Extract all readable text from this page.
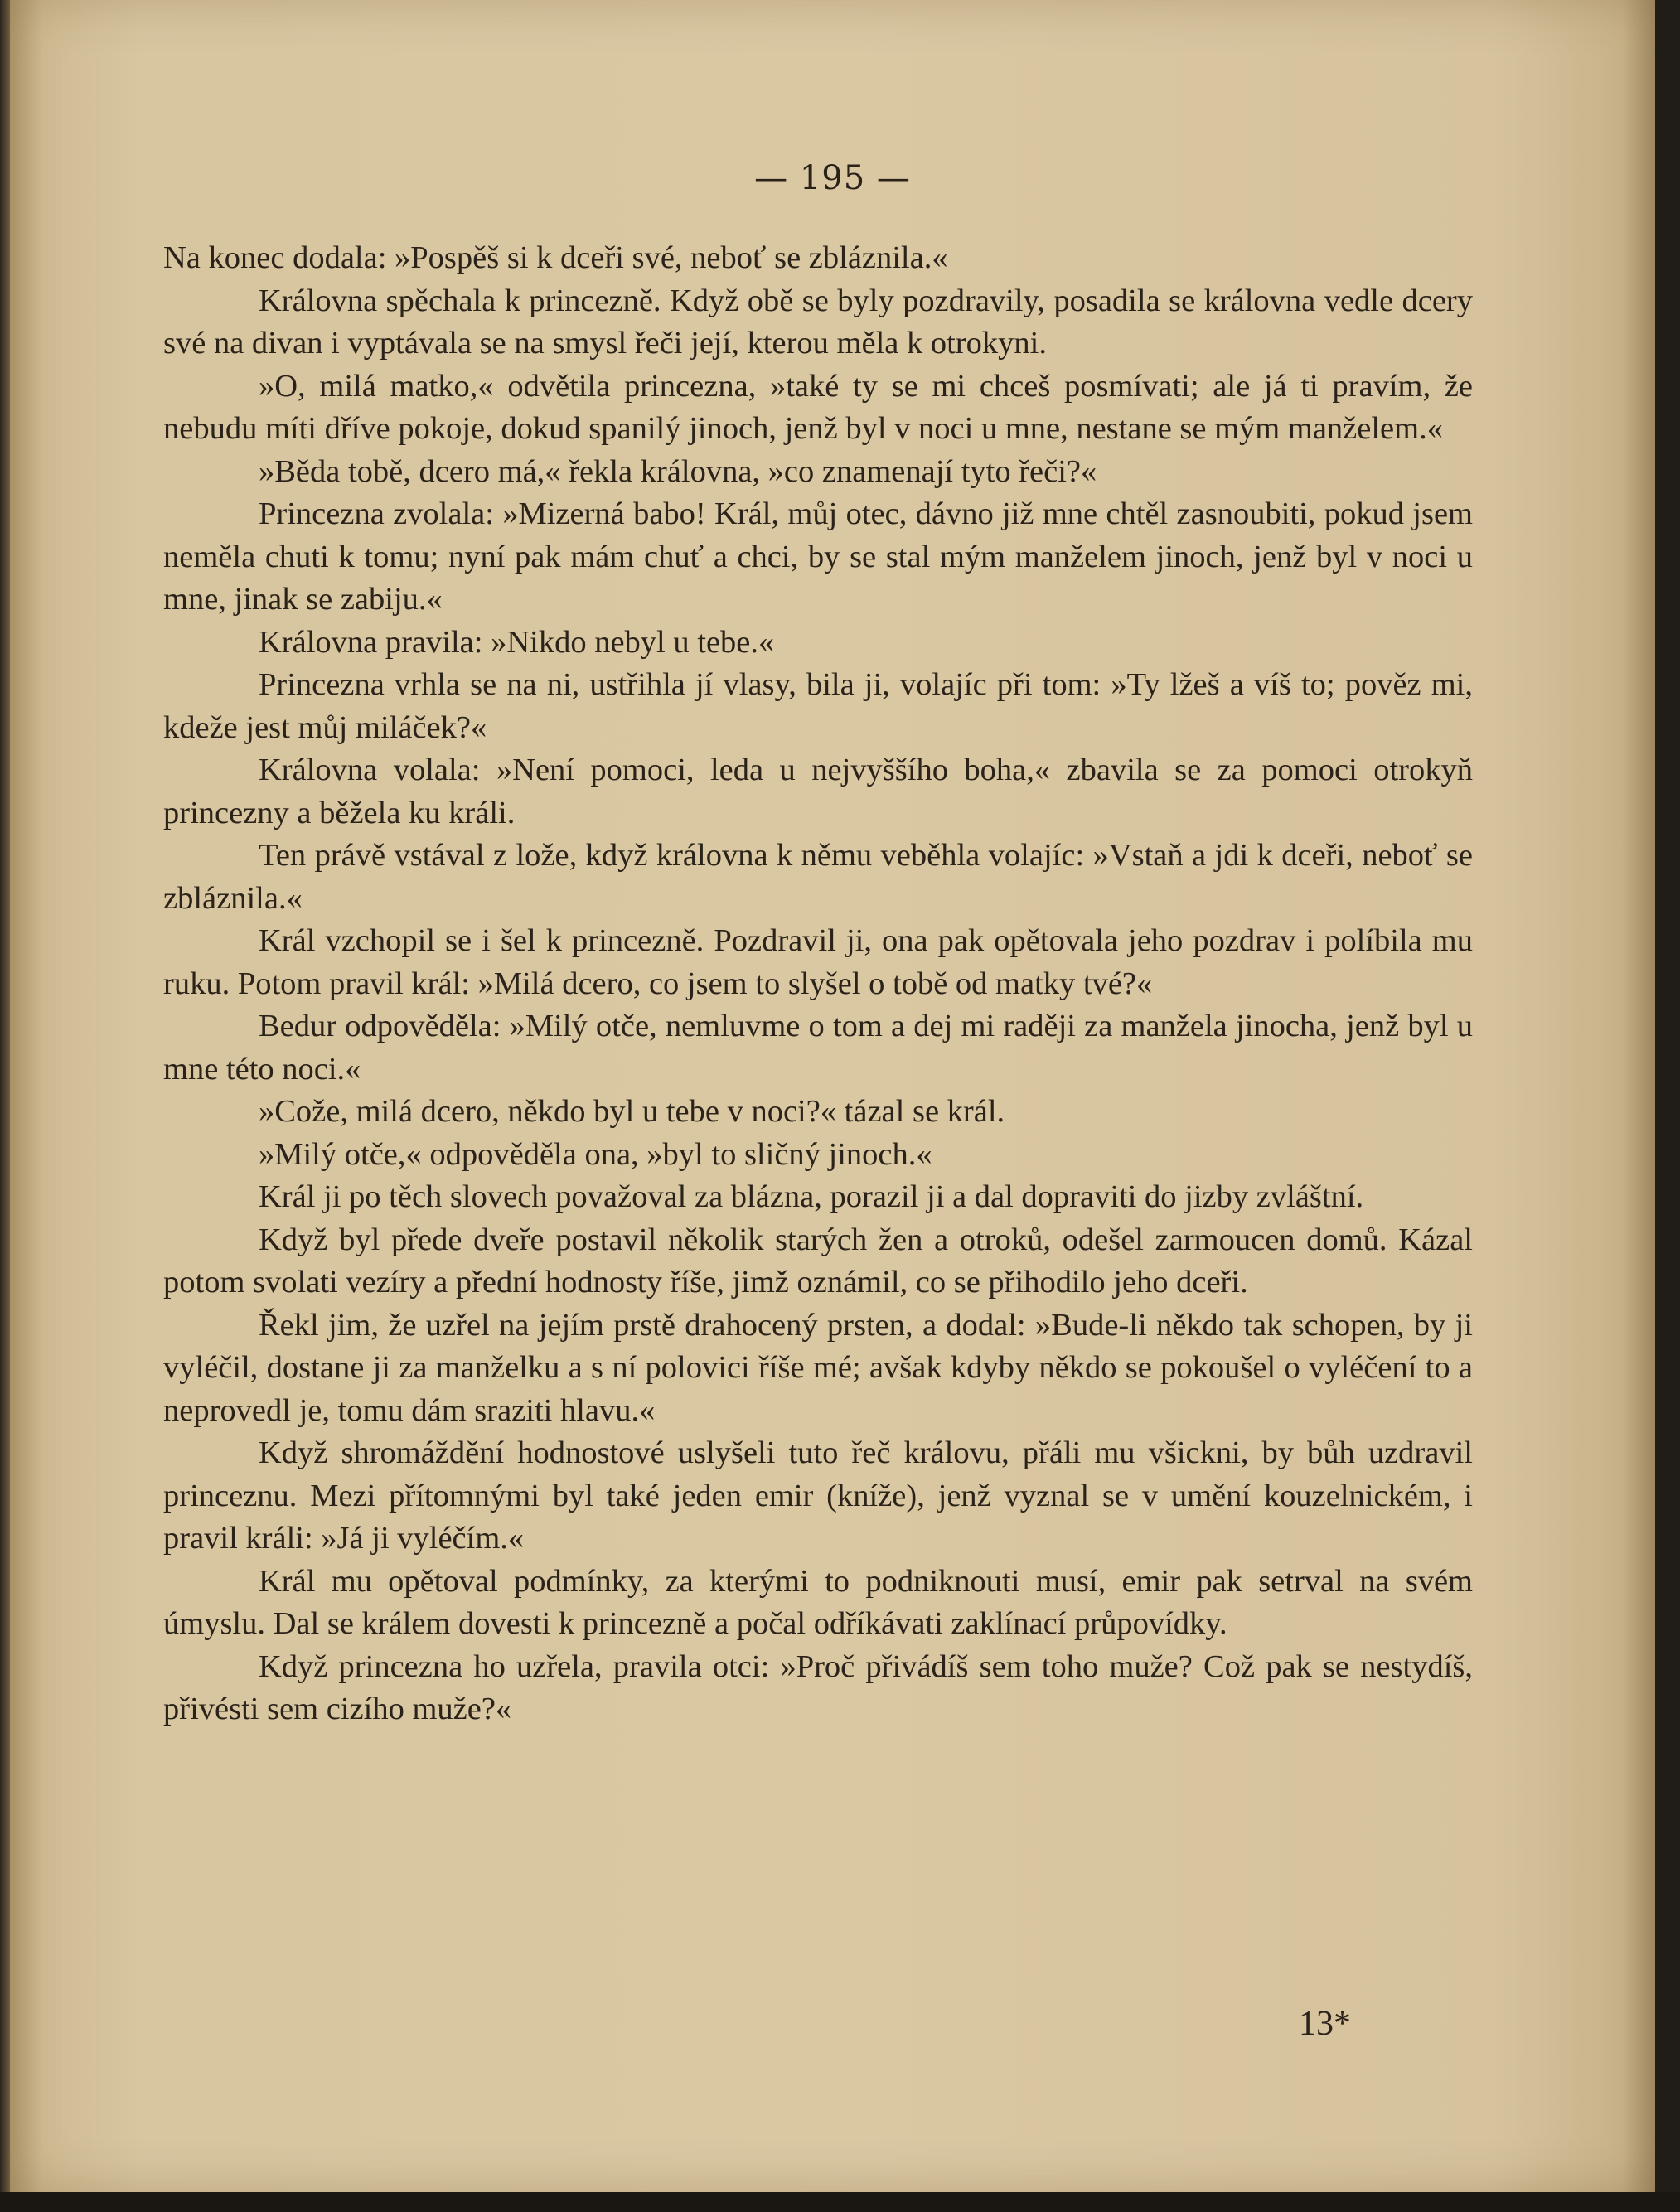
— 195 —

Na konec dodala: »Pospěš si k dceři své, neboť se zbláznila.«

Královna spěchala k princezně. Když obě se byly pozdravily, posadila se královna vedle dcery své na divan i vyptávala se na smysl řeči její, kterou měla k otrokyni.

»O, milá matko,« odvětila princezna, »také ty se mi chceš posmívati; ale já ti pravím, že nebudu míti dříve pokoje, dokud spanilý jinoch, jenž byl v noci u mne, nestane se mým manželem.«

»Běda tobě, dcero má,« řekla královna, »co znamenají tyto řeči?«

Princezna zvolala: »Mizerná babo! Král, můj otec, dávno již mne chtěl zasnoubiti, pokud jsem neměla chuti k tomu; nyní pak mám chuť a chci, by se stal mým manželem jinoch, jenž byl v noci u mne, jinak se zabiju.«

Královna pravila: »Nikdo nebyl u tebe.«

Princezna vrhla se na ni, ustřihla jí vlasy, bila ji, volajíc při tom: »Ty lžeš a víš to; pověz mi, kdeže jest můj miláček?«

Královna volala: »Není pomoci, leda u nejvyššího boha,« zbavila se za pomoci otrokyň princezny a běžela ku králi.

Ten právě vstával z lože, když královna k němu veběhla volajíc: »Vstaň a jdi k dceři, neboť se zbláznila.«

Král vzchopil se i šel k princezně. Pozdravil ji, ona pak opětovala jeho pozdrav i políbila mu ruku. Potom pravil král: »Milá dcero, co jsem to slyšel o tobě od matky tvé?«

Bedur odpověděla: »Milý otče, nemluvme o tom a dej mi raději za manžela jinocha, jenž byl u mne této noci.«

»Cože, milá dcero, někdo byl u tebe v noci?« tázal se král.

»Milý otče,« odpověděla ona, »byl to sličný jinoch.«

Král ji po těch slovech považoval za blázna, porazil ji a dal dopraviti do jizby zvláštní.

Když byl přede dveře postavil několik starých žen a otroků, odešel zarmoucen domů. Kázal potom svolati vezíry a přední hodnosty říše, jimž oznámil, co se přihodilo jeho dceři.

Řekl jim, že uzřel na jejím prstě drahocený prsten, a dodal: »Bude-li někdo tak schopen, by ji vyléčil, dostane ji za manželku a s ní polovici říše mé; avšak kdyby někdo se pokoušel o vyléčení to a neprovedl je, tomu dám sraziti hlavu.«

Když shromáždění hodnostové uslyšeli tuto řeč královu, přáli mu všickni, by bůh uzdravil princeznu. Mezi přítomnými byl také jeden emir (kníže), jenž vyznal se v umění kouzelnickém, i pravil králi: »Já ji vyléčím.«

Král mu opětoval podmínky, za kterými to podniknouti musí, emir pak setrval na svém úmyslu. Dal se králem dovesti k princezně a počal odříkávati zaklínací průpovídky.

Když princezna ho uzřela, pravila otci: »Proč přivádíš sem toho muže? Což pak se nestydíš, přivésti sem cizího muže?«

13*
